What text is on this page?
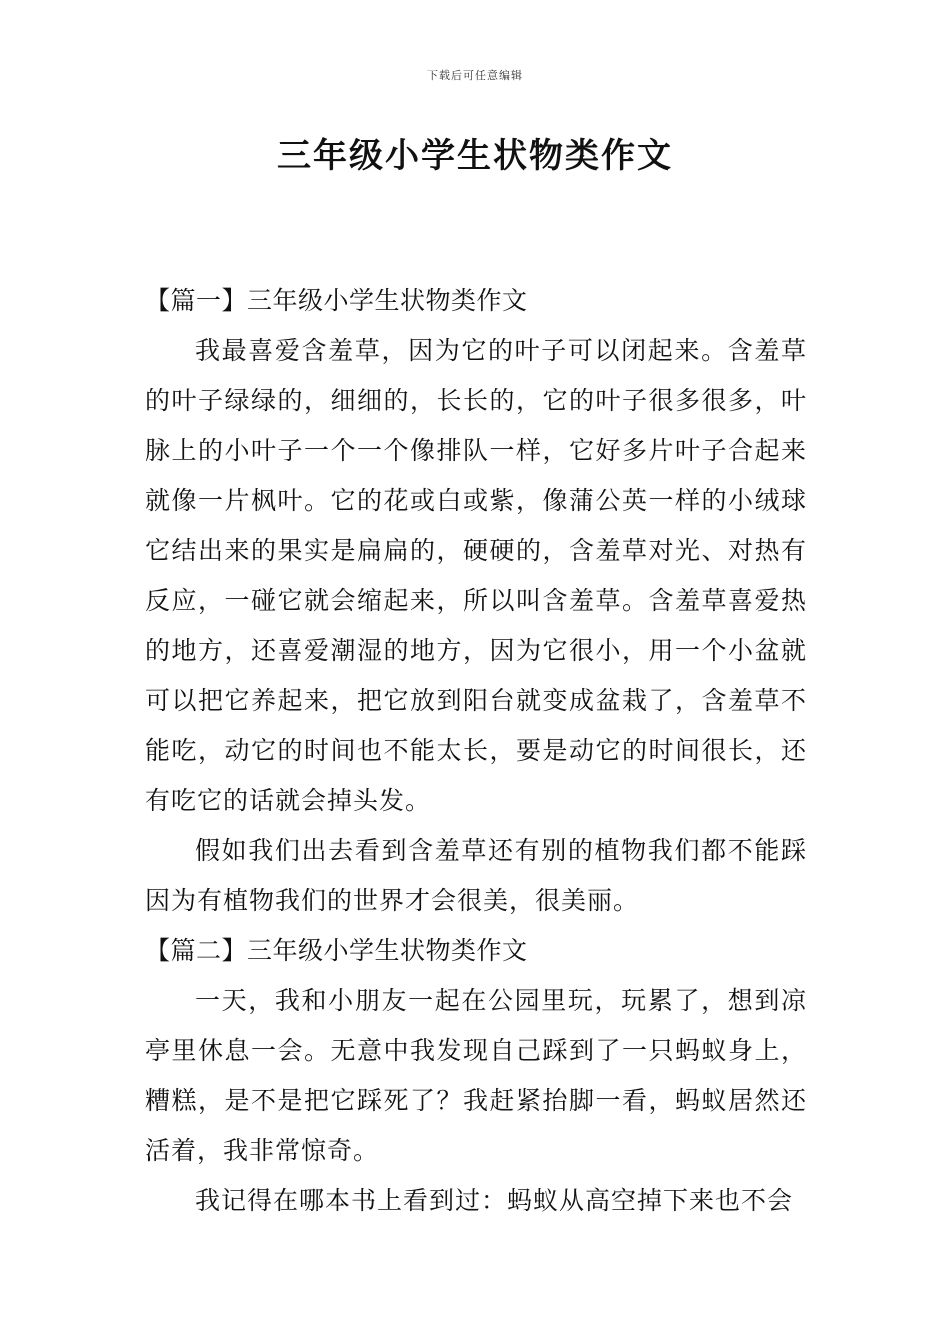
下载后可任意编辑
三年级小学生状物类作文

【篇一】三年级小学生状物类作文

我最喜爱含羞草，因为它的叶子可以闭起来。含羞草的叶子绿绿的，细细的，长长的，它的叶子很多很多，叶脉上的小叶子一个一个像排队一样，它好多片叶子合起来就像一片枫叶。它的花或白或紫，像蒲公英一样的小绒球它结出来的果实是扁扁的，硬硬的，含羞草对光、对热有反应，一碰它就会缩起来，所以叫含羞草。含羞草喜爱热的地方，还喜爱潮湿的地方，因为它很小，用一个小盆就可以把它养起来，把它放到阳台就变成盆栽了，含羞草不能吃，动它的时间也不能太长，要是动它的时间很长，还有吃它的话就会掉头发。

假如我们出去看到含羞草还有别的植物我们都不能踩因为有植物我们的世界才会很美，很美丽。

【篇二】三年级小学生状物类作文

一天，我和小朋友一起在公园里玩，玩累了，想到凉亭里休息一会。无意中我发现自己踩到了一只蚂蚁身上，糟糕，是不是把它踩死了？我赶紧抬脚一看，蚂蚁居然还活着，我非常惊奇。

我记得在哪本书上看到过：蚂蚁从高空掉下来也不会
